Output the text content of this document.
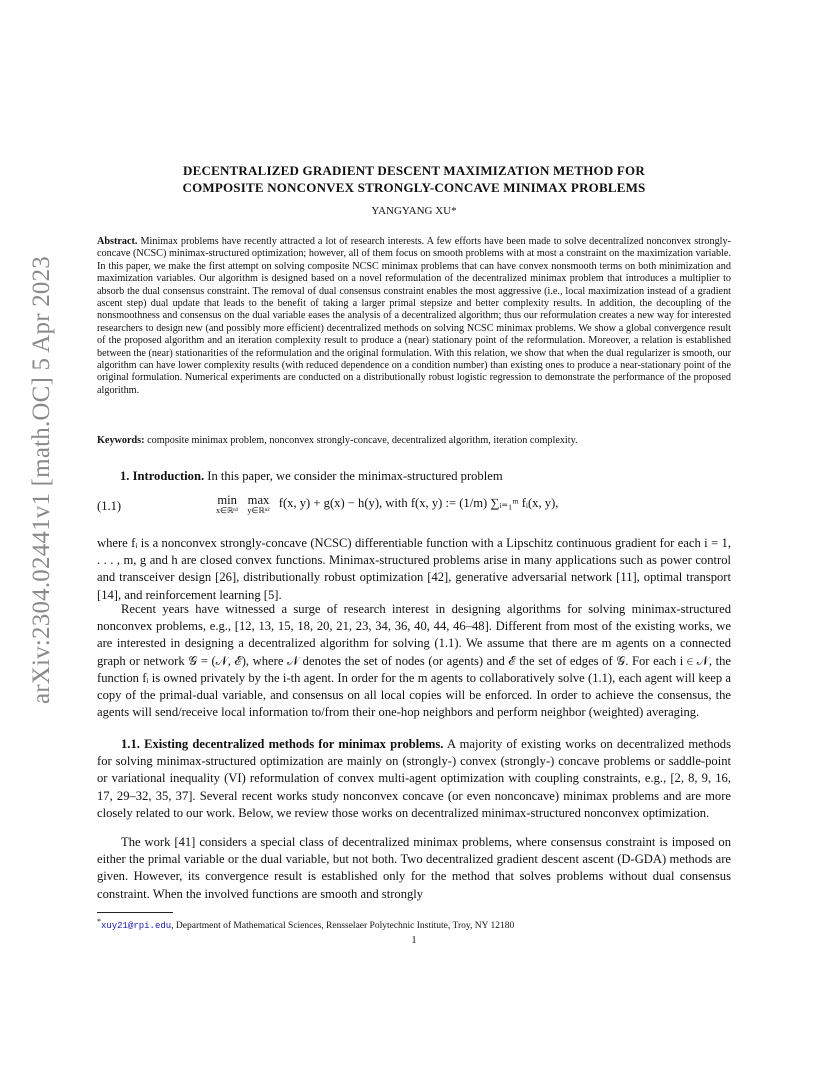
arXiv:2304.02441v1 [math.OC] 5 Apr 2023
DECENTRALIZED GRADIENT DESCENT MAXIMIZATION METHOD FOR
COMPOSITE NONCONVEX STRONGLY-CONCAVE MINIMAX PROBLEMS
YANGYANG XU*
Abstract. Minimax problems have recently attracted a lot of research interests. A few efforts have been made to solve decentralized nonconvex strongly-concave (NCSC) minimax-structured optimization; however, all of them focus on smooth problems with at most a constraint on the maximization variable. In this paper, we make the first attempt on solving composite NCSC minimax problems that can have convex nonsmooth terms on both minimization and maximization variables. Our algorithm is designed based on a novel reformulation of the decentralized minimax problem that introduces a multiplier to absorb the dual consensus constraint. The removal of dual consensus constraint enables the most aggressive (i.e., local maximization instead of a gradient ascent step) dual update that leads to the benefit of taking a larger primal stepsize and better complexity results. In addition, the decoupling of the nonsmoothness and consensus on the dual variable eases the analysis of a decentralized algorithm; thus our reformulation creates a new way for interested researchers to design new (and possibly more efficient) decentralized methods on solving NCSC minimax problems. We show a global convergence result of the proposed algorithm and an iteration complexity result to produce a (near) stationary point of the reformulation. Moreover, a relation is established between the (near) stationarities of the reformulation and the original formulation. With this relation, we show that when the dual regularizer is smooth, our algorithm can have lower complexity results (with reduced dependence on a condition number) than existing ones to produce a near-stationary point of the original formulation. Numerical experiments are conducted on a distributionally robust logistic regression to demonstrate the performance of the proposed algorithm.
Keywords: composite minimax problem, nonconvex strongly-concave, decentralized algorithm, iteration complexity.
1. Introduction. In this paper, we consider the minimax-structured problem
(1.1)	min
x∈ℝⁿ¹

max
y∈ℝⁿ²
f(x, y) + g(x) − h(y), with f(x, y) := (1/m) ∑ᵢ₌₁ᵐ fᵢ(x, y),
where fᵢ is a nonconvex strongly-concave (NCSC) differentiable function with a Lipschitz continuous gradient for each i = 1, . . . , m, g and h are closed convex functions. Minimax-structured problems arise in many applications such as power control and transceiver design [26], distributionally robust optimization [42], generative adversarial network [11], optimal transport [14], and reinforcement learning [5].
Recent years have witnessed a surge of research interest in designing algorithms for solving minimax-structured nonconvex problems, e.g., [12, 13, 15, 18, 20, 21, 23, 34, 36, 40, 44, 46–48]. Different from most of the existing works, we are interested in designing a decentralized algorithm for solving (1.1). We assume that there are m agents on a connected graph or network 𝒢 = (𝒩, ℰ), where 𝒩 denotes the set of nodes (or agents) and ℰ the set of edges of 𝒢. For each i ∈ 𝒩, the function fᵢ is owned privately by the i-th agent. In order for the m agents to collaboratively solve (1.1), each agent will keep a copy of the primal-dual variable, and consensus on all local copies will be enforced. In order to achieve the consensus, the agents will send/receive local information to/from their one-hop neighbors and perform neighbor (weighted) averaging.
1.1. Existing decentralized methods for minimax problems. A majority of existing works on decentralized methods for solving minimax-structured optimization are mainly on (strongly-) convex (strongly-) concave problems or saddle-point or variational inequality (VI) reformulation of convex multi-agent optimization with coupling constraints, e.g., [2, 8, 9, 16, 17, 29–32, 35, 37]. Several recent works study nonconvex concave (or even nonconcave) minimax problems and are more closely related to our work. Below, we review those works on decentralized minimax-structured nonconvex optimization.
The work [41] considers a special class of decentralized minimax problems, where consensus constraint is imposed on either the primal variable or the dual variable, but not both. Two decentralized gradient descent ascent (D-GDA) methods are given. However, its convergence result is established only for the method that solves problems without dual consensus constraint. When the involved functions are smooth and strongly
*xuy21@rpi.edu, Department of Mathematical Sciences, Rensselaer Polytechnic Institute, Troy, NY 12180
1
